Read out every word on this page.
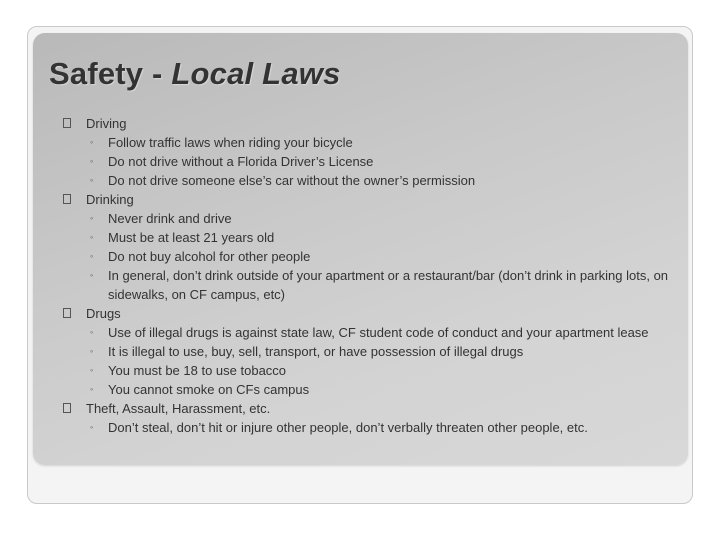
Safety - Local Laws
Driving
◦ Follow traffic laws when riding your bicycle
◦ Do not drive without a Florida Driver’s License
◦ Do not drive someone else’s car without the owner’s permission
Drinking
◦ Never drink and drive
◦ Must be at least 21 years old
◦ Do not buy alcohol for other people
◦ In general, don’t drink outside of your apartment or a restaurant/bar (don’t drink in parking lots, on sidewalks, on CF campus, etc)
Drugs
◦ Use of illegal drugs is against state law, CF student code of conduct and your apartment lease
◦ It is illegal to use, buy, sell, transport, or have possession of illegal drugs
◦ You must be 18 to use tobacco
◦ You cannot smoke on CFs campus
Theft, Assault, Harassment, etc.
◦ Don’t steal, don’t hit or injure other people, don’t verbally threaten other people, etc.
